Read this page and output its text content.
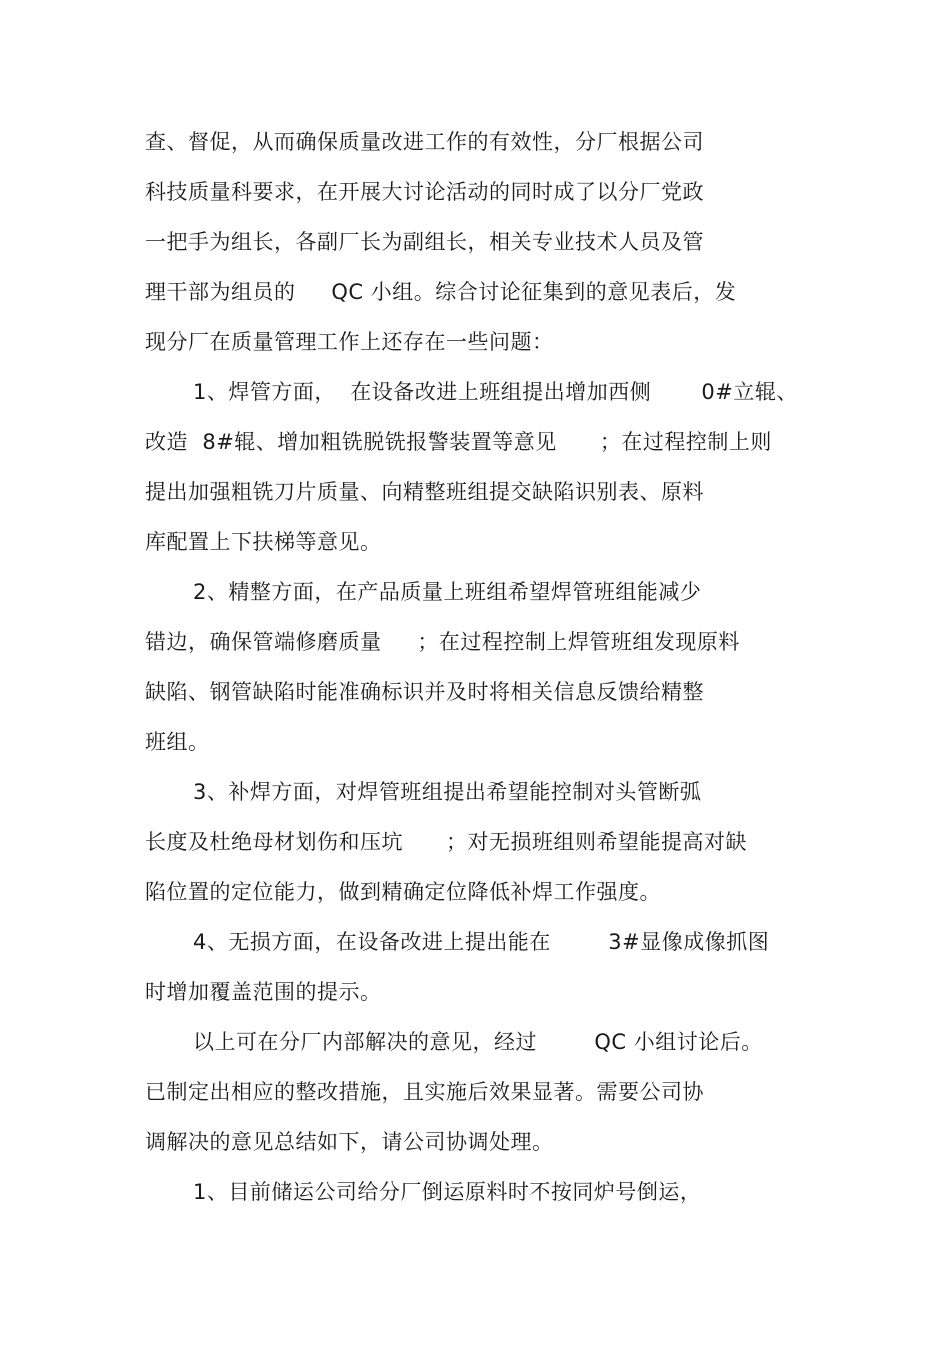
查、督促，从而确保质量改进工作的有效性，分厂根据公司
科技质量科要求，在开展大讨论活动的同时成了以分厂党政
一把手为组长，各副厂长为副组长，相关专业技术人员及管
理干部为组员的     QC 小组。综合讨论征集到的意见表后，发
现分厂在质量管理工作上还存在一些问题：
1、焊管方面，  在设备改进上班组提出增加西侧       0#立辊、
改造  8#辊、增加粗铣脱铣报警装置等意见      ；在过程控制上则
提出加强粗铣刀片质量、向精整班组提交缺陷识别表、原料
库配置上下扶梯等意见。
2、精整方面，在产品质量上班组希望焊管班组能减少
错边，确保管端修磨质量     ；在过程控制上焊管班组发现原料
缺陷、钢管缺陷时能准确标识并及时将相关信息反馈给精整
班组。
3、补焊方面，对焊管班组提出希望能控制对头管断弧
长度及杜绝母材划伤和压坑      ；对无损班组则希望能提高对缺
陷位置的定位能力，做到精确定位降低补焊工作强度。
4、无损方面，在设备改进上提出能在        3#显像成像抓图
时增加覆盖范围的提示。
以上可在分厂内部解决的意见，经过        QC 小组讨论后。
已制定出相应的整改措施，且实施后效果显著。需要公司协
调解决的意见总结如下，请公司协调处理。
1、目前储运公司给分厂倒运原料时不按同炉号倒运，
